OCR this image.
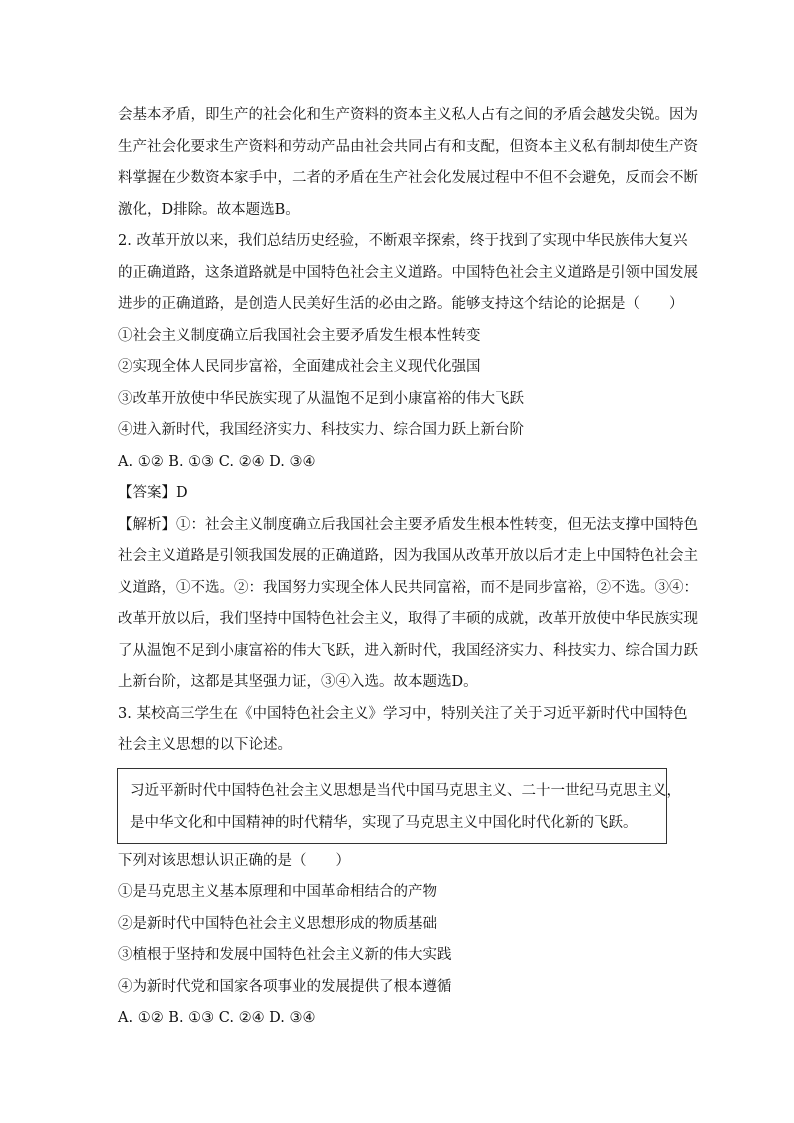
会基本矛盾，即生产的社会化和生产资料的资本主义私人占有之间的矛盾会越发尖锐。因为

生产社会化要求生产资料和劳动产品由社会共同占有和支配，但资本主义私有制却使生产资

料掌握在少数资本家手中，二者的矛盾在生产社会化发展过程中不但不会避免，反而会不断

激化，D排除。故本题选B。

2. 改革开放以来，我们总结历史经验，不断艰辛探索，终于找到了实现中华民族伟大复兴

的正确道路，这条道路就是中国特色社会主义道路。中国特色社会主义道路是引领中国发展

进步的正确道路，是创造人民美好生活的必由之路。能够支持这个结论的论据是（　　）

①社会主义制度确立后我国社会主要矛盾发生根本性转变

②实现全体人民同步富裕，全面建成社会主义现代化强国

③改革开放使中华民族实现了从温饱不足到小康富裕的伟大飞跃

④进入新时代，我国经济实力、科技实力、综合国力跃上新台阶

A. ①② B. ①③ C. ②④ D. ③④

【答案】D

【解析】①：社会主义制度确立后我国社会主要矛盾发生根本性转变，但无法支撑中国特色

社会主义道路是引领我国发展的正确道路，因为我国从改革开放以后才走上中国特色社会主

义道路，①不选。②：我国努力实现全体人民共同富裕，而不是同步富裕，②不选。③④：

改革开放以后，我们坚持中国特色社会主义，取得了丰硕的成就，改革开放使中华民族实现

了从温饱不足到小康富裕的伟大飞跃，进入新时代，我国经济实力、科技实力、综合国力跃

上新台阶，这都是其坚强力证，③④入选。故本题选D。

3. 某校高三学生在《中国特色社会主义》学习中，特别关注了关于习近平新时代中国特色

社会主义思想的以下论述。

习近平新时代中国特色社会主义思想是当代中国马克思主义、二十一世纪马克思主义，

是中华文化和中国精神的时代精华，实现了马克思主义中国化时代化新的飞跃。

下列对该思想认识正确的是（　　）

①是马克思主义基本原理和中国革命相结合的产物

②是新时代中国特色社会主义思想形成的物质基础

③植根于坚持和发展中国特色社会主义新的伟大实践

④为新时代党和国家各项事业的发展提供了根本遵循

A. ①② B. ①③ C. ②④ D. ③④
